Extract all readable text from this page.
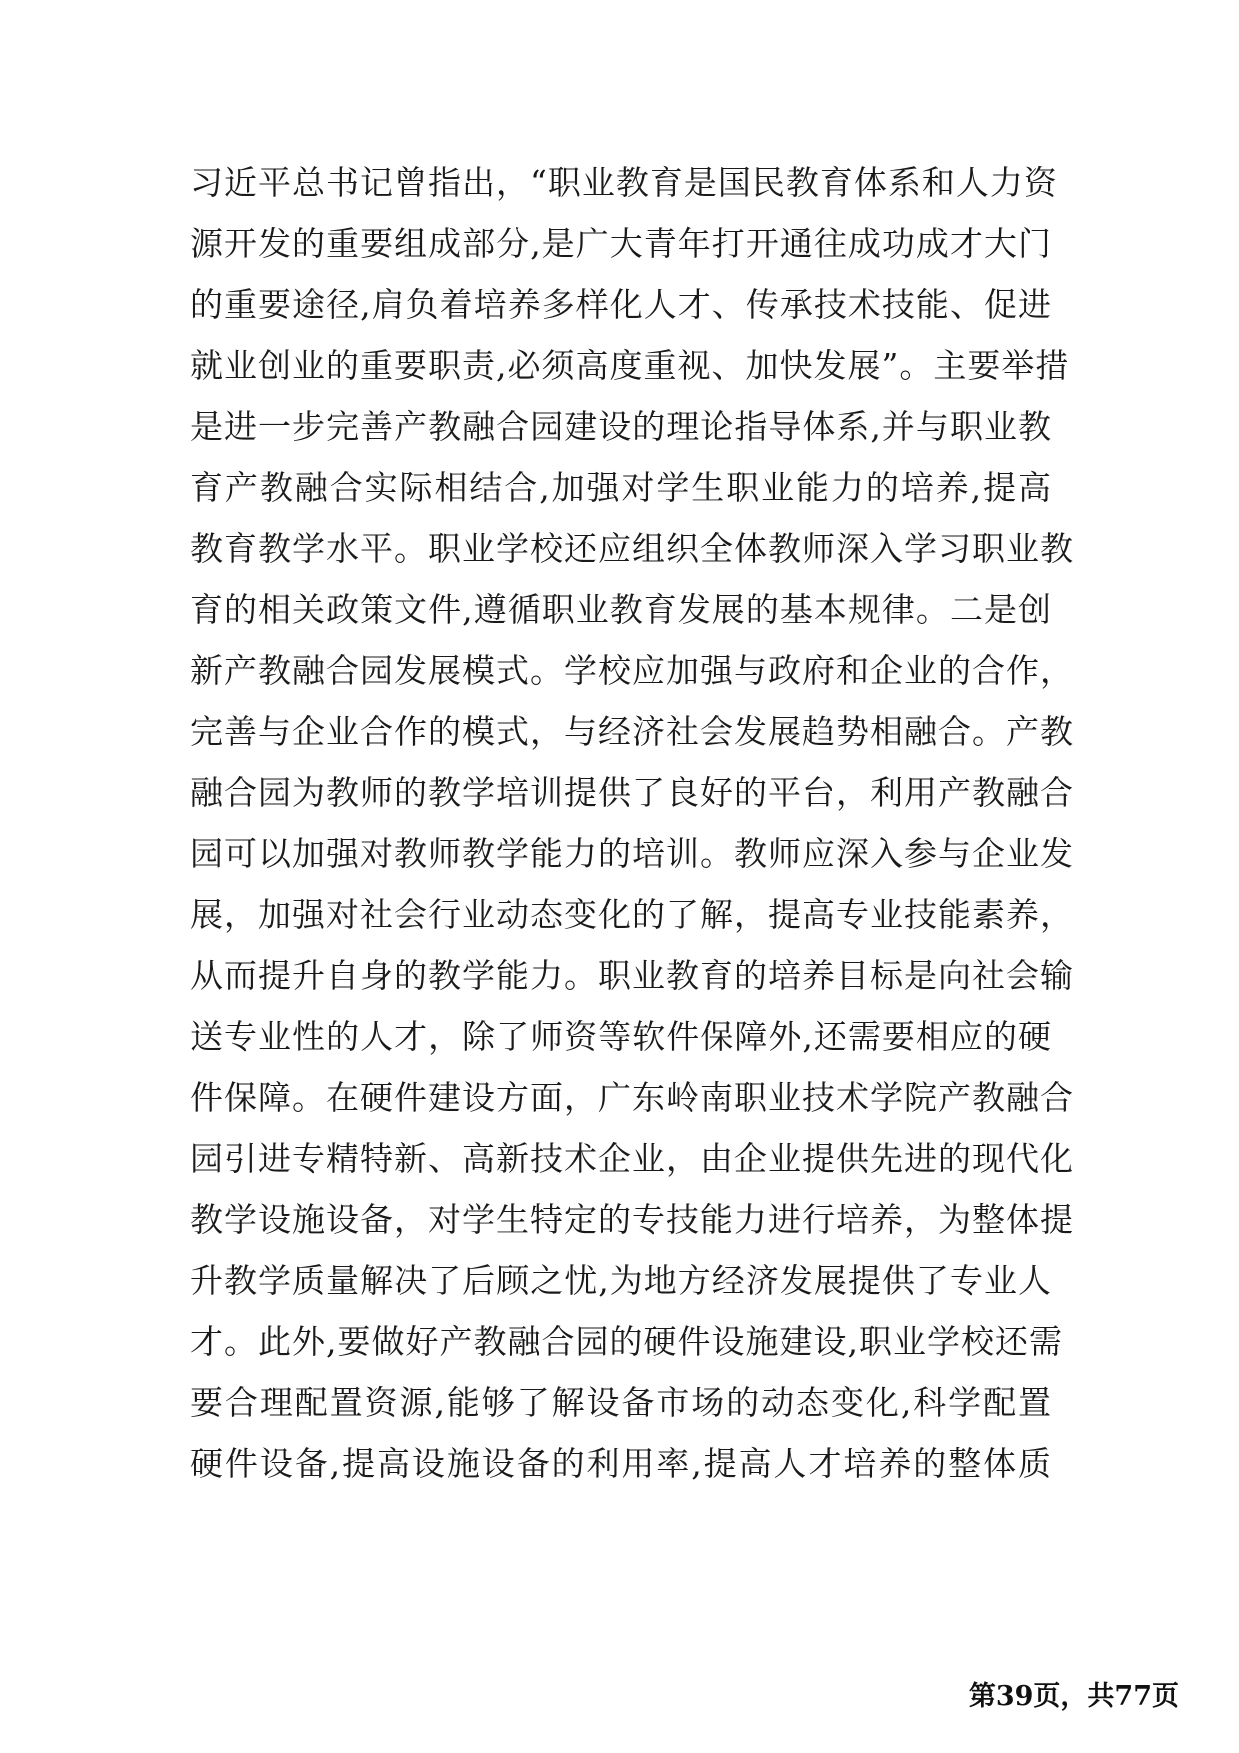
习近平总书记曾指出，“职业教育是国民教育体系和人力资
源开发的重要组成部分,是广大青年打开通往成功成才大门
的重要途径,肩负着培养多样化人才、传承技术技能、促进
就业创业的重要职责,必须高度重视、加快发展”。主要举措
是进一步完善产教融合园建设的理论指导体系,并与职业教
育产教融合实际相结合,加强对学生职业能力的培养,提高
教育教学水平。职业学校还应组织全体教师深入学习职业教
育的相关政策文件,遵循职业教育发展的基本规律。二是创
新产教融合园发展模式。学校应加强与政府和企业的合作，
完善与企业合作的模式，与经济社会发展趋势相融合。产教
融合园为教师的教学培训提供了良好的平台，利用产教融合
园可以加强对教师教学能力的培训。教师应深入参与企业发
展，加强对社会行业动态变化的了解，提高专业技能素养，
从而提升自身的教学能力。职业教育的培养目标是向社会输
送专业性的人才，除了师资等软件保障外,还需要相应的硬
件保障。在硬件建设方面，广东岭南职业技术学院产教融合
园引进专精特新、高新技术企业，由企业提供先进的现代化
教学设施设备，对学生特定的专技能力进行培养，为整体提
升教学质量解决了后顾之忧,为地方经济发展提供了专业人
才。此外,要做好产教融合园的硬件设施建设,职业学校还需
要合理配置资源,能够了解设备市场的动态变化,科学配置
硬件设备,提高设施设备的利用率,提高人才培养的整体质
第39页，共77页
